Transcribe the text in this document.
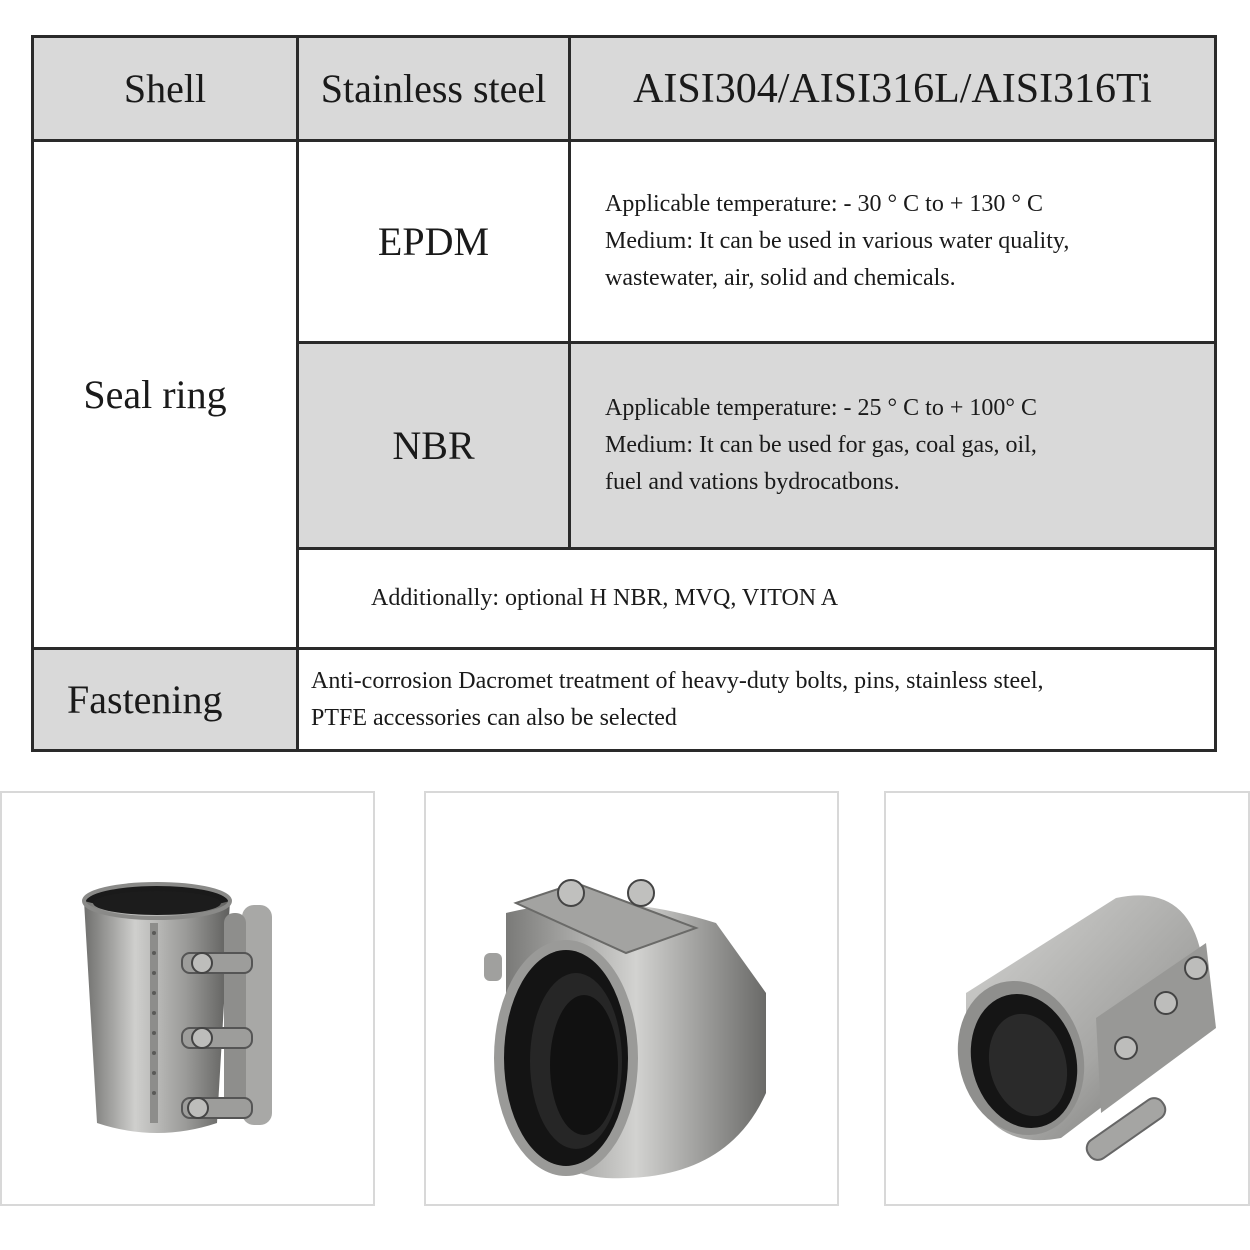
Shell	Stainless steel AISI304/AISI316L/AISI316Ti
Seal ring
EPDM
Applicable temperature: - 30 ° C to + 130 ° C
Medium: It can be used in various water quality,
wastewater, air, solid and chemicals.
NBR
Applicable temperature: - 25 ° C to + 100° C
Medium: It can be used for gas, coal gas, oil,
fuel and vations bydrocatbons.
Additionally: optional H NBR, MVQ, VITON A
Fastening	Anti-corrosion Dacromet treatment of heavy-duty bolts, pins, stainless steel,
PTFE accessories can also be selected
